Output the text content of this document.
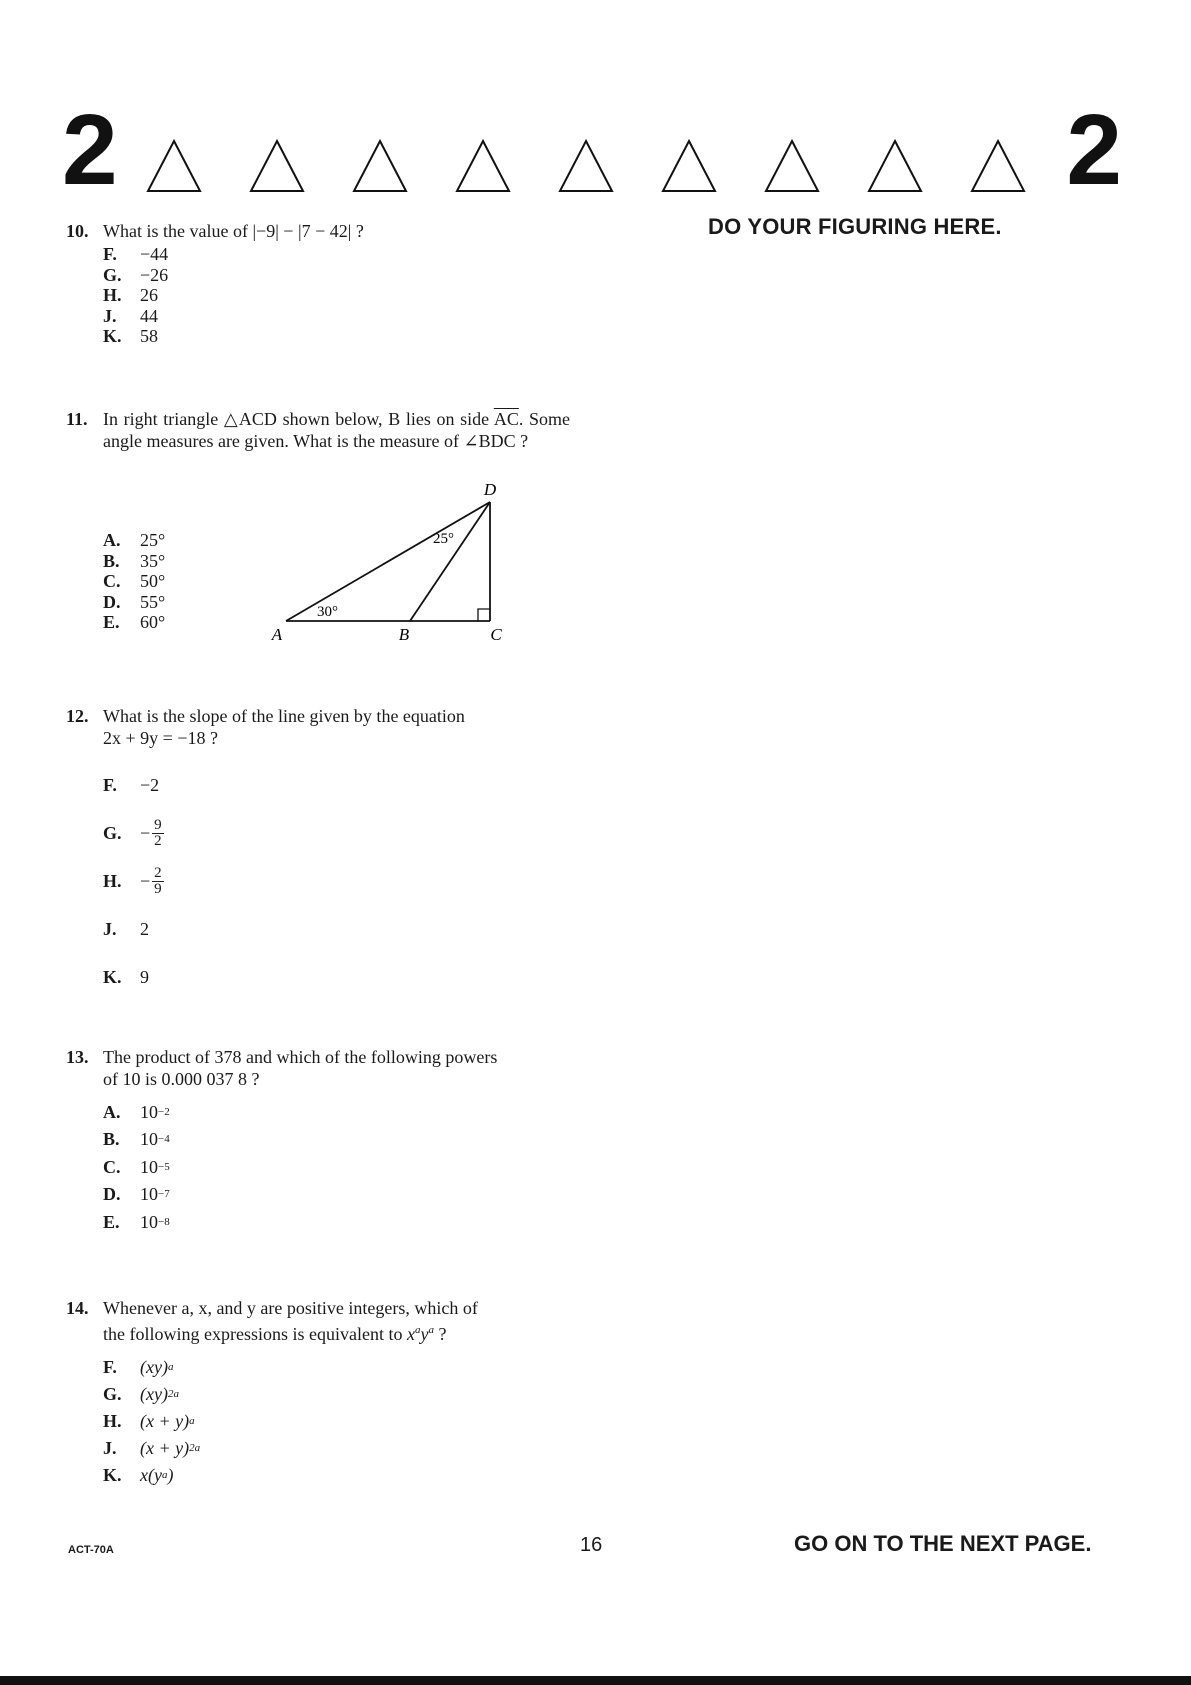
2	2
DO YOUR FIGURING HERE.
10. What is the value of |−9| − |7 − 42| ?
F.	−44
G.	−26
H.	26
J.	44
K.	58
11. In right triangle △ACD shown below, B lies on side $\overline{AC}$. Some angle measures are given. What is the measure of ∠BDC ?
A.	25°
B.	35°
C.	50°
D.	55°
E.	60°
D
A	B	C
30°
25°
12. What is the slope of the line given by the equation
2x + 9y = −18 ?
F.	−2
G.	− $\frac{9}{2}$
H.	− $\frac{2}{9}$
J.	2
K.	9
13. The product of 378 and which of the following powers
of 10 is 0.000 037 8 ?
A.	10 −2
B.	10 −4
C.	10 −5
D.	10 −7
E.	10 −8
14. Whenever a, x, and y are positive integers, which of
the following expressions is equivalent to $x^ay^a$ ?
F.	(xy) a
G.	(xy) 2a
H.	(x + y) a
J.	(x + y) 2a
K.	x(y a )
ACT-70A	16	GO ON TO THE NEXT PAGE.
